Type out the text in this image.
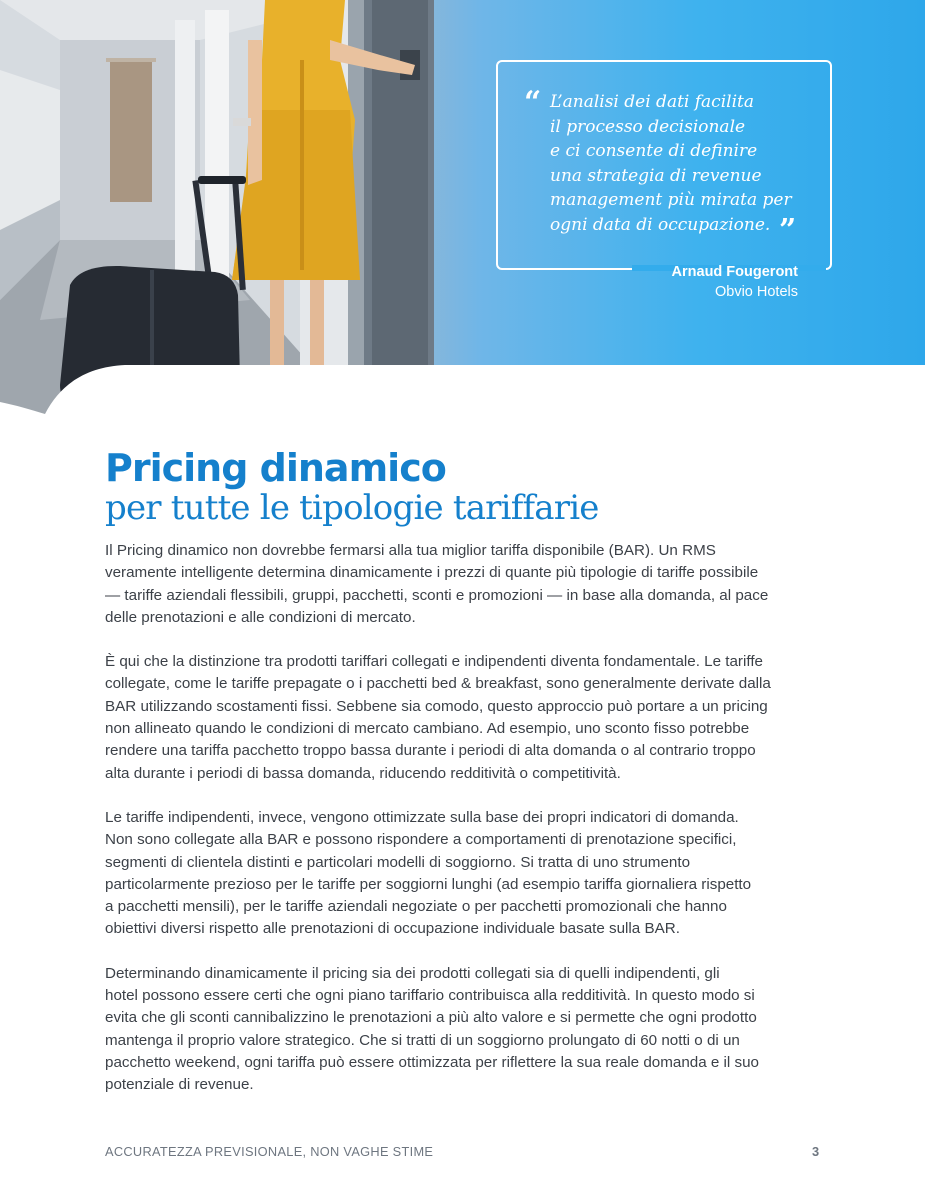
“ L’analisi dei dati facilita
il processo decisionale
e ci consente di definire
una strategia di revenue
management più mirata per
ogni data di occupazione. ”
Arnaud Fougeront
Obvio Hotels
Pricing dinamico
per tutte le tipologie tariffarie

Il Pricing dinamico non dovrebbe fermarsi alla tua miglior tariffa disponibile (BAR). Un RMS
veramente intelligente determina dinamicamente i prezzi di quante più tipologie di tariffe possibile
— tariffe aziendali flessibili, gruppi, pacchetti, sconti e promozioni — in base alla domanda, al pace
delle prenotazioni e alle condizioni di mercato.

È qui che la distinzione tra prodotti tariffari collegati e indipendenti diventa fondamentale. Le tariffe
collegate, come le tariffe prepagate o i pacchetti bed & breakfast, sono generalmente derivate dalla
BAR utilizzando scostamenti fissi. Sebbene sia comodo, questo approccio può portare a un pricing
non allineato quando le condizioni di mercato cambiano. Ad esempio, uno sconto fisso potrebbe
rendere una tariffa pacchetto troppo bassa durante i periodi di alta domanda o al contrario troppo
alta durante i periodi di bassa domanda, riducendo redditività o competitività.

Le tariffe indipendenti, invece, vengono ottimizzate sulla base dei propri indicatori di domanda.
Non sono collegate alla BAR e possono rispondere a comportamenti di prenotazione specifici,
segmenti di clientela distinti e particolari modelli di soggiorno. Si tratta di uno strumento
particolarmente prezioso per le tariffe per soggiorni lunghi (ad esempio tariffa giornaliera rispetto
a pacchetti mensili), per le tariffe aziendali negoziate o per pacchetti promozionali che hanno
obiettivi diversi rispetto alle prenotazioni di occupazione individuale basate sulla BAR.

Determinando dinamicamente il pricing sia dei prodotti collegati sia di quelli indipendenti, gli
hotel possono essere certi che ogni piano tariffario contribuisca alla redditività. In questo modo si
evita che gli sconti cannibalizzino le prenotazioni a più alto valore e si permette che ogni prodotto
mantenga il proprio valore strategico. Che si tratti di un soggiorno prolungato di 60 notti o di un
pacchetto weekend, ogni tariffa può essere ottimizzata per riflettere la sua reale domanda e il suo
potenziale di revenue.

ACCURATEZZA PREVISIONALE, NON VAGHE STIME	3
